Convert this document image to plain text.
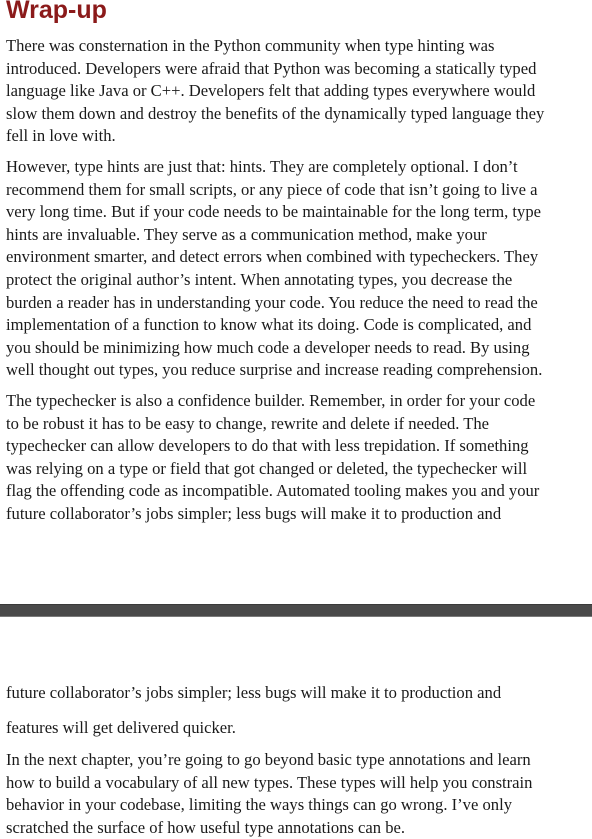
Wrap-up

There was consternation in the Python community when type hinting was
introduced. Developers were afraid that Python was becoming a statically typed
language like Java or C++. Developers felt that adding types everywhere would
slow them down and destroy the benefits of the dynamically typed language they
fell in love with.

However, type hints are just that: hints. They are completely optional. I don’t
recommend them for small scripts, or any piece of code that isn’t going to live a
very long time. But if your code needs to be maintainable for the long term, type
hints are invaluable. They serve as a communication method, make your
environment smarter, and detect errors when combined with typecheckers. They
protect the original author’s intent. When annotating types, you decrease the
burden a reader has in understanding your code. You reduce the need to read the
implementation of a function to know what its doing. Code is complicated, and
you should be minimizing how much code a developer needs to read. By using
well thought out types, you reduce surprise and increase reading comprehension.

The typechecker is also a confidence builder. Remember, in order for your code
to be robust it has to be easy to change, rewrite and delete if needed. The
typechecker can allow developers to do that with less trepidation. If something
was relying on a type or field that got changed or deleted, the typechecker will
flag the offending code as incompatible. Automated tooling makes you and your
future collaborator’s jobs simpler; less bugs will make it to production and

future collaborator’s jobs simpler; less bugs will make it to production and

features will get delivered quicker.

In the next chapter, you’re going to go beyond basic type annotations and learn
how to build a vocabulary of all new types. These types will help you constrain
behavior in your codebase, limiting the ways things can go wrong. I’ve only
scratched the surface of how useful type annotations can be.
